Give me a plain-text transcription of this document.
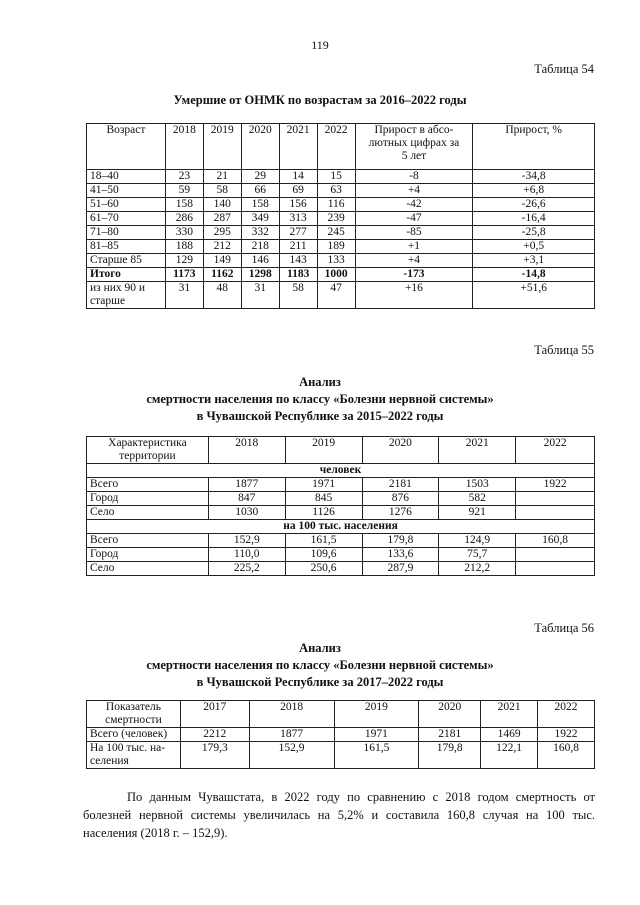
119
Таблица 54
Умершие от ОНМК по возрастам за 2016–2022 годы
Возраст	2018	2019	2020	2021	2022	Прирост в абсо-
лютных цифрах за
5 лет	Прирост, %
18–40	23	21	29	14	15	-8	-34,8
41–50	59	58	66	69	63	+4	+6,8
51–60	158	140	158	156	116	-42	-26,6
61–70	286	287	349	313	239	-47	-16,4
71–80	330	295	332	277	245	-85	-25,8
81–85	188	212	218	211	189	+1	+0,5
Старше 85	129	149	146	143	133	+4	+3,1
Итого	1173	1162	1298	1183	1000	-173	-14,8

из них 90 и
старше	31	48	31	58	47	+16	+51,6
Таблица 55
Анализ
смертности населения по классу «Болезни нервной системы»
в Чувашской Республике за 2015–2022 годы
Характеристика
территории	2018	2019	2020	2021	2022
человек					
Всего	1877	1971	2181	1503	1922
Город	847	845	876	582	
Село	1030	1126	1276	921	
на 100 тыс. населения					
Всего	152,9	161,5	179,8	124,9	160,8
Город	110,0	109,6	133,6	75,7	
Село	225,2	250,6	287,9	212,2	
Таблица 56
Анализ
смертности населения по классу «Болезни нервной системы»
в Чувашской Республике за 2017–2022 годы
Показатель
смертности	2017	2018	2019	2020	2021	2022
Всего (человек)	2212	1877	1971	2181	1469	1922

На 100 тыс. на-
селения	179,3	152,9	161,5	179,8	122,1	160,8
По данным Чувашстата, в 2022 году по сравнению с 2018 годом смертность от болезней нервной системы увеличилась на 5,2% и составила 160,8 случая на 100 тыс. населения (2018 г. – 152,9).
